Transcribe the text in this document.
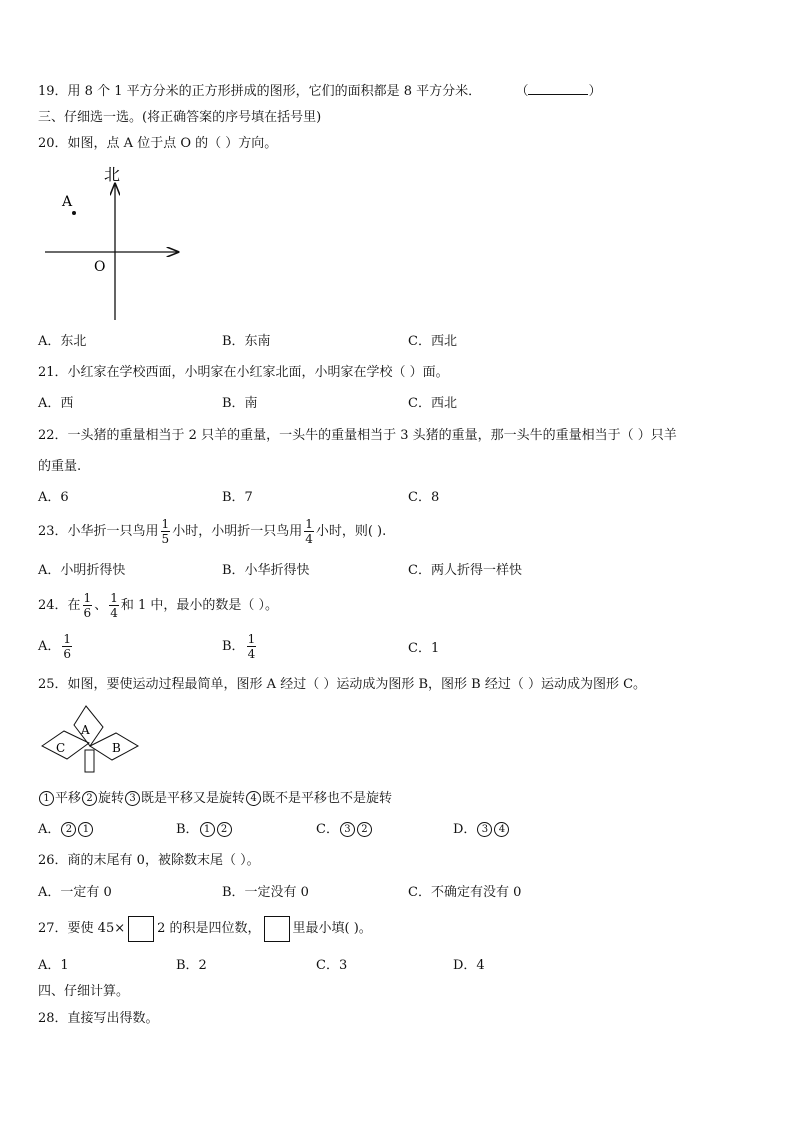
19．用 8 个 1 平方分米的正方形拼成的图形，它们的面积都是 8 平方分米．	（	）
三、仔细选一选。(将正确答案的序号填在括号里)
20．如图，点 A 位于点 O 的（ ）方向。
北
A
O
A．东北	B．东南	C．西北
21．小红家在学校西面，小明家在小红家北面，小明家在学校（ ）面。
A．西	B．南	C．西北
22．一头猪的重量相当于 2 只羊的重量，一头牛的重量相当于 3 头猪的重量，那一头牛的重量相当于（ ）只羊
的重量.
A．6	B．7	C．8
23．小华折一只鸟用 $\frac{1}{5}$ 小时，小明折一只鸟用 $\frac{1}{4}$ 小时，则( ).
A．小明折得快	B．小华折得快	C．两人折得一样快
24．在 $\frac{1}{6}$ 、 $\frac{1}{4}$ 和 1 中，最小的数是（ ）。
A． $\frac{1}{6}$	B． $\frac{1}{4}$	C．1
25．如图，要使运动过程最简单，图形 A 经过（ ）运动成为图形 B，图形 B 经过（ ）运动成为图形 C。
A
B
C
1 平移 2 旋转 3 既是平移又是旋转 4 既不是平移也不是旋转
A． 2 1	B． 1 2	C． 3 2	D． 3 4
26．商的末尾有 0，被除数末尾（ ）。
A．一定有 0	B．一定没有 0	C．不确定有没有 0
27．要使 45× 2 的积是四位数， 里最小填( )。
A．1	B．2	C．3	D．4
四、仔细计算。
28．直接写出得数。
